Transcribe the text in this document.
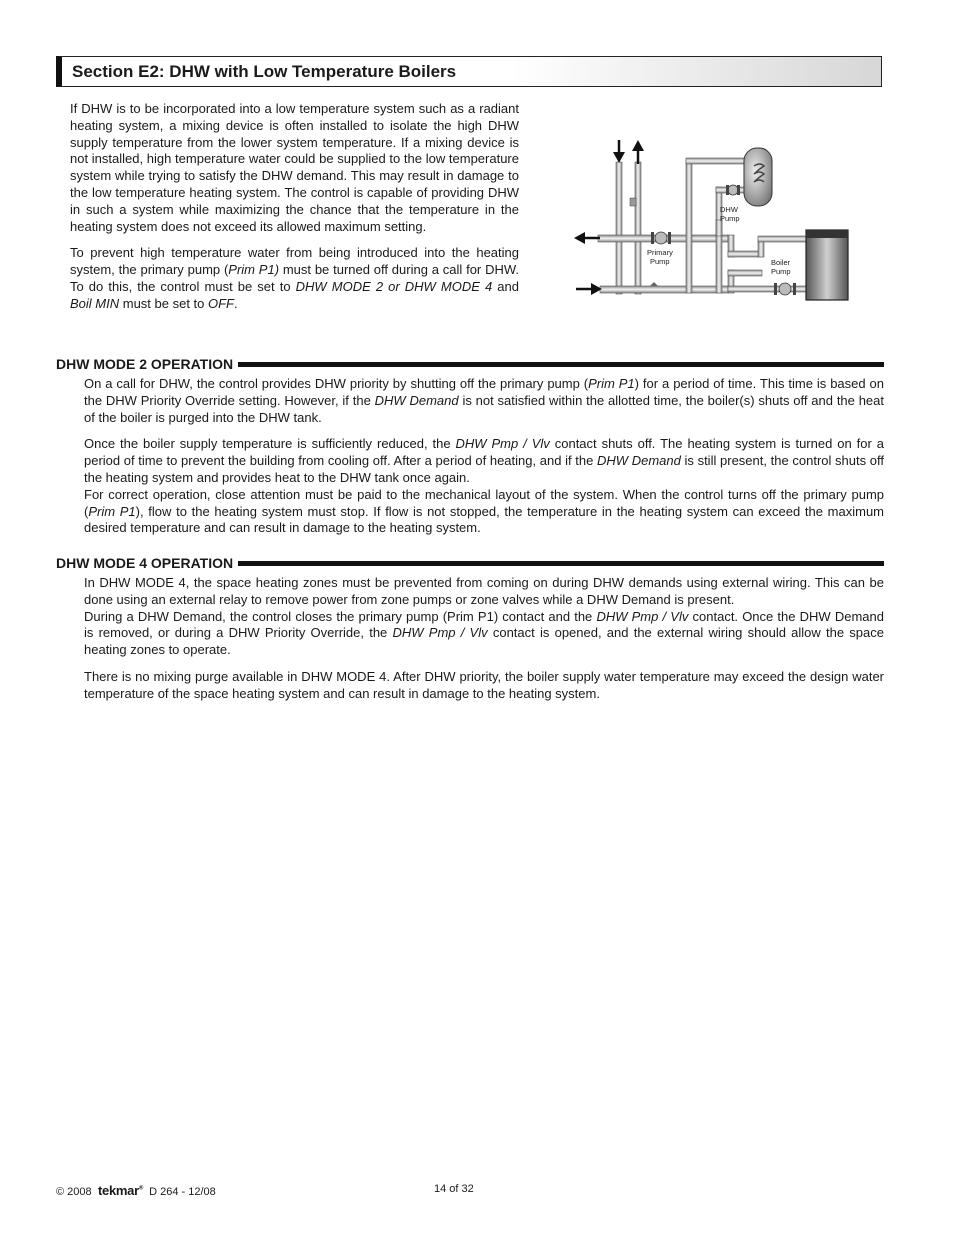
Section E2: DHW with Low Temperature Boilers

If DHW is to be incorporated into a low temperature system such as a radiant heating system, a mixing device is often installed to isolate the high DHW supply temperature from the lower system temperature. If a mixing device is not installed, high temperature water could be supplied to the low temperature system while trying to satisfy the DHW demand. This may result in damage to the low temperature heating system. The control is capable of providing DHW in such a system while maximizing the chance that the temperature in the heating system does not exceed its allowed maximum setting.

To prevent high temperature water from being introduced into the heating system, the primary pump (Prim P1) must be turned off during a call for DHW. To do this, the control must be set to DHW MODE 2 or DHW MODE 4 and Boil MIN must be set to OFF.

DHW
Pump
Primary
Pump	Boiler
Pump
DHW MODE 2 OPERATION

On a call for DHW, the control provides DHW priority by shutting off the primary pump (Prim P1) for a period of time. This time is based on the DHW Priority Override setting. However, if the DHW Demand is not satisfied within the allotted time, the boiler(s) shuts off and the heat of the boiler is purged into the DHW tank.

Once the boiler supply temperature is sufficiently reduced, the DHW Pmp / Vlv contact shuts off. The heating system is turned on for a period of time to prevent the building from cooling off. After a period of heating, and if the DHW Demand is still present, the control shuts off the heating system and provides heat to the DHW tank once again.

For correct operation, close attention must be paid to the mechanical layout of the system. When the control turns off the primary pump (Prim P1), flow to the heating system must stop. If flow is not stopped, the temperature in the heating system can exceed the maximum desired temperature and can result in damage to the heating system.

DHW MODE 4 OPERATION

In DHW MODE 4, the space heating zones must be prevented from coming on during DHW demands using external wiring. This can be done using an external relay to remove power from zone pumps or zone valves while a DHW Demand is present.

During a DHW Demand, the control closes the primary pump (Prim P1) contact and the DHW Pmp / Vlv contact. Once the DHW Demand is removed, or during a DHW Priority Override, the DHW Pmp / Vlv contact is opened, and the external wiring should allow the space heating zones to operate.

There is no mixing purge available in DHW MODE 4. After DHW priority, the boiler supply water temperature may exceed the design water temperature of the space heating system and can result in damage to the heating system.

© 2008 tekmar® D 264 - 12/08	14 of 32
